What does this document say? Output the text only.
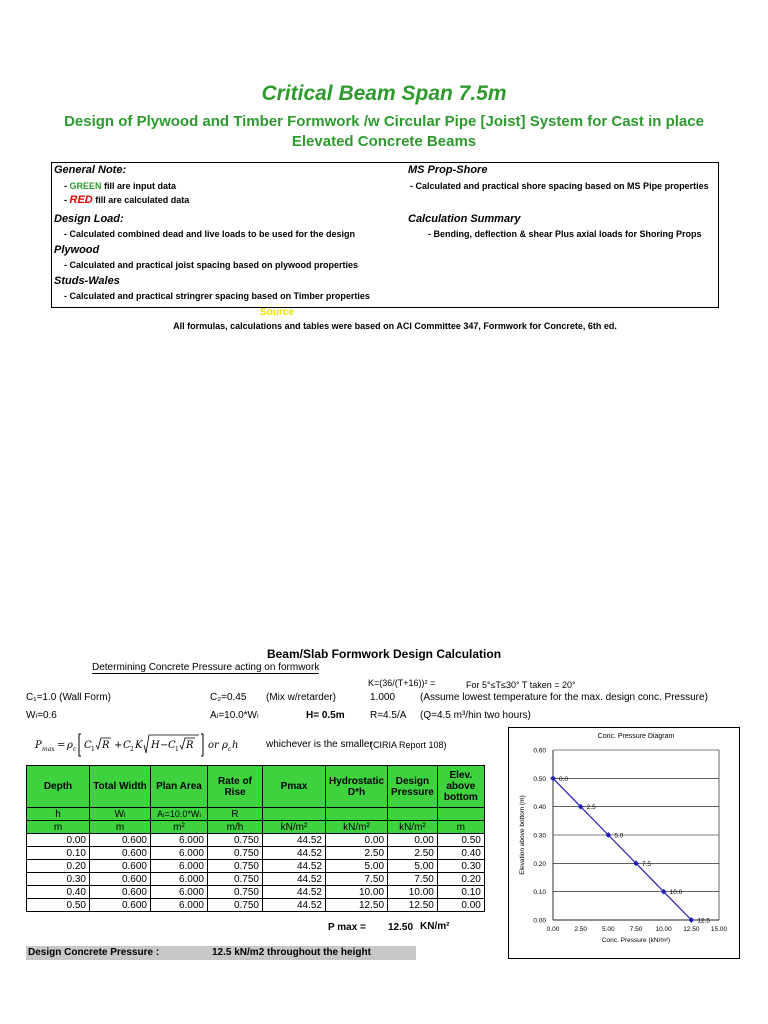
Critical Beam Span 7.5m
Design of Plywood and Timber Formwork /w Circular Pipe [Joist] System for Cast in place
Elevated Concrete Beams
General Note:
- GREEN fill are input data
- RED fill are calculated data
Design Load:
- Calculated combined dead and live loads to be used for the design
Plywood
- Calculated and practical joist spacing based on plywood properties
Studs-Wales
- Calculated and practical stringrer spacing based on Timber properties
MS Prop-Shore
- Calculated and practical shore spacing based on MS Pipe properties
Calculation Summary
- Bending, deflection & shear Plus axial loads for Shoring Props
Source
All formulas, calculations and tables were based on ACI Committee 347, Formwork for Concrete, 6th ed.
Beam/Slab Formwork Design Calculation
Determining Concrete Pressure acting on formwork
K=(36/(T+16))² =	For 5°≤T≤30° T taken = 20°
C₁=1.0 (Wall Form)	C₂=0.45 (Mix w/retarder)	1.000 (Assume lowest temperature for the max. design conc. Pressure)
Wₗ=0.6	Aₗ=10.0*Wₗ	H= 0.5m	R=4.5/A (Q=4.5 m³/hin two hours)
P max = ρ c C 1 R + C 2 K H − C 1 R or ρ c h	whichever is the smaller
(CIRIA Report 108)
Depth	Total Width	Plan Area	Rate of Rise	Pmax	Hydrostatic D*h	Design Pressure	Elev. above bottom
h	Wₗ	Aₗ=10.0*Wₗ	R				
m	m	m²	m/h	kN/m²	kN/m²	kN/m²	m
0.00	0.600	6.000	0.750	44.52	0.00	0.00	0.50
0.10	0.600	6.000	0.750	44.52	2.50	2.50	0.40
0.20	0.600	6.000	0.750	44.52	5.00	5.00	0.30
0.30	0.600	6.000	0.750	44.52	7.50	7.50	0.20
0.40	0.600	6.000	0.750	44.52	10.00	10.00	0.10
0.50	0.600	6.000	0.750	44.52	12.50	12.50	0.00
P max = 12.50 KN/m²
Design Concrete Pressure :	12.5 kN/m2 throughout the height
Conc. Pressure Diagram
0.00
0.10
0.20
0.30
0.40
0.50
0.60
0.00 2.50 5.00 7.50 10.00 12.50 15.00
Conc. Pressure (kN/m²)
Elevation above bottom (m)
0.0
2.5
5.0
7.5
10.0
12.5
